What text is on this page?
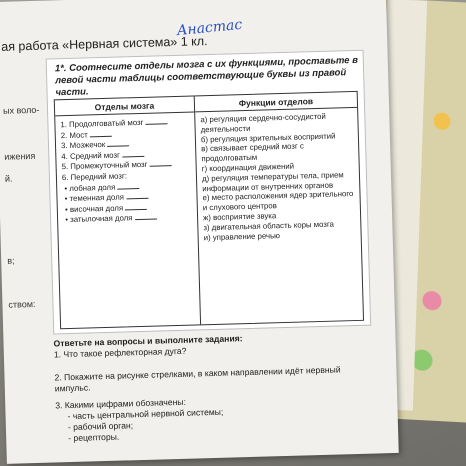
ая работа «Нервная система» 1 кл.
Анастас
ых воло-
ижения
й.
в;
ством:
1*. Соотнесите отделы мозга с их функциями, проставьте в левой части таблицы соответствующие буквы из правой части.
Отделы мозга
1. Продолговатый мозг
2. Мост
3. Мозжечок
4. Средний мозг
5. Промежуточный мозг
6. Передний мозг:
• лобная доля
• теменная доля
• височная доля
• затылочная доля
Функции отделов
а) регуляция сердечно-сосудистой деятельности
б) регуляция зрительных восприятий
в) связывает средний мозг с продолговатым
г) координация движений
д) регуляция температуры тела, прием информации от внутренних органов
е) место расположения ядер зрительного и слухового центров
ж) восприятие звука
з) двигательная область коры мозга
и) управление речью
Ответьте на вопросы и выполните задания:
1. Что такое рефлекторная дуга?
2. Покажите на рисунке стрелками, в каком направлении идёт нервный импульс.
3. Какими цифрами обозначены:
- часть центральной нервной системы;
- рабочий орган;
- рецепторы.
